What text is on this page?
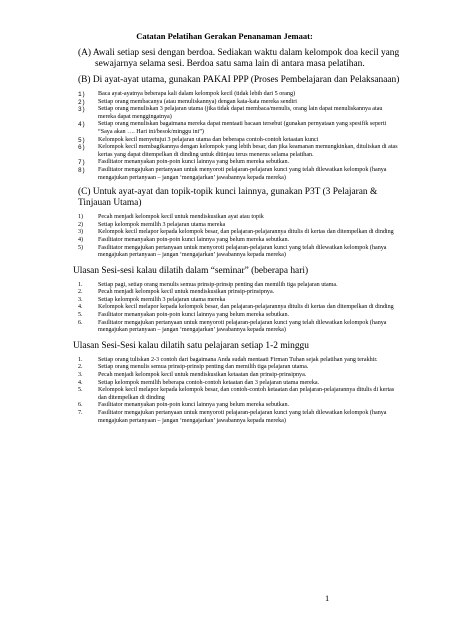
Catatan Pelatihan Gerakan Penanaman Jemaat:

(A) Awali setiap sesi dengan berdoa. Sediakan waktu dalam kelompok doa kecil yang sewajarnya selama sesi. Berdoa satu sama lain di antara masa pelatihan.

(B) Di ayat-ayat utama, gunakan PAKAI PPP (Proses Pembelajaran dan Pelaksanaan)

1) Baca ayat-ayatnya beberapa kali dalam kelompok kecil (tidak lebih dari 5 orang)
2) Setiap orang membacanya (atau menuliskannya) dengan kata-kata mereka sendiri
3) Setiap orang menuliskan 3 pelajaran utama (jika tidak dapat membaca/menulis, orang lain dapat menuliskannya atau mereka dapat menggingatnya)
4) Setiap orang menuliskan bagaimana mereka dapat mentaati bacaan tersebut (gunakan pernyataan yang spesifik seperti “Saya akan …. Hari ini/besok/minggu ini”)
5) Kelompok kecil menyetujui 3 pelajaran utama dan beberapa contoh-contoh ketaatan kunci
6) Kelompok kecil membagikannya dengan kelompok yang lebih besar, dan jika keamanan memungkinkan, dituliskan di atas kertas yang dapat ditempelkan di dinding untuk ditinjau terus menerus selama pelatihan.
7) Fasilitator menanyakan poin-poin kunci lainnya yang belum mereka sebutkan.
8) Fasilitator mengajukan pertanyaan untuk menyoroti pelajaran-pelajaran kunci yang telah dilewatkan kelompok (hanya mengajukan pertanyaan – jangan ‘mengajarkan’ jawabannya kepada mereka)

(C) Untuk ayat-ayat dan topik-topik kunci lainnya, gunakan P3T (3 Pelajaran & Tinjauan Utama)

1) Pecah menjadi kelompok kecil untuk mendiskusikan ayat atau topik
2) Setiap kelompok memilih 3 pelajaran utama mereka
3) Kelompok kecil melapor kepada kelompok besar, dan pelajaran-pelajarannya ditulis di kertas dan ditempelkan di dinding
4) Fasilitator menanyakan poin-poin kunci lainnya yang belum mereka sebutkan.
5) Fasilitator mengajukan pertanyaan untuk menyoroti pelajaran-pelajaran kunci yang telah dilewatkan kelompok (hanya mengajukan pertanyaan – jangan ‘mengajarkan’ jawabannya kepada mereka)

Ulasan Sesi-sesi kalau dilatih dalam “seminar” (beberapa hari)

1.	Setiap pagi, setiap orang menulis semua prinsip-prinsip penting dan memilih tiga pelajaran utama.
2.	Pecah menjadi kelompok kecil untuk mendiskusikan prinsip-prinsipnya.
3.	Setiap kelompok memilih 3 pelajaran utama mereka
4.	Kelompok kecil melapor kepada kelompok besar, dan pelajaran-pelajarannya ditulis di kertas dan ditempelkan di dinding
5.	Fasilitator menanyakan poin-poin kunci lainnya yang belum mereka sebutkan.
6.	Fasilitator mengajukan pertanyaan untuk menyoroti pelajaran-pelajaran kunci yang telah dilewatkan kelompok (hanya mengajukan pertanyaan – jangan ‘mengajarkan’ jawabannya kepada mereka)

Ulasan Sesi-Sesi kalau dilatih satu pelajaran setiap 1-2 minggu

1.	Setiap orang tuliskan 2-3 contoh dari bagaimana Anda sudah mentaati Firman Tuhan sejak pelatihan yang terakhir.
2.	Setiap orang menulis semua prinsip-prinsip penting dan memilih tiga pelajaran utama.
3.	Pecah menjadi kelompok kecil untuk mendiskusikan ketaatan dan prinsip-prinsipnya.
4.	Setiap kelompok memilih beberapa contoh-contoh ketaatan dan 3 pelajaran utama mereka.
5.	Kelompok kecil melapor kepada kelompok besar, dan contoh-contoh ketaatan dan pelajaran-pelajarannya ditulis di kertas dan ditempelkan di dinding
6.	Fasilitator menanyakan poin-poin kunci lainnya yang belum mereka sebutkan.
7.	Fasilitator mengajukan pertanyaan untuk menyoroti pelajaran-pelajaran kunci yang telah dilewatkan kelompok (hanya mengajukan pertanyaan – jangan ‘mengajarkan’ jawabannya kepada mereka)
1
